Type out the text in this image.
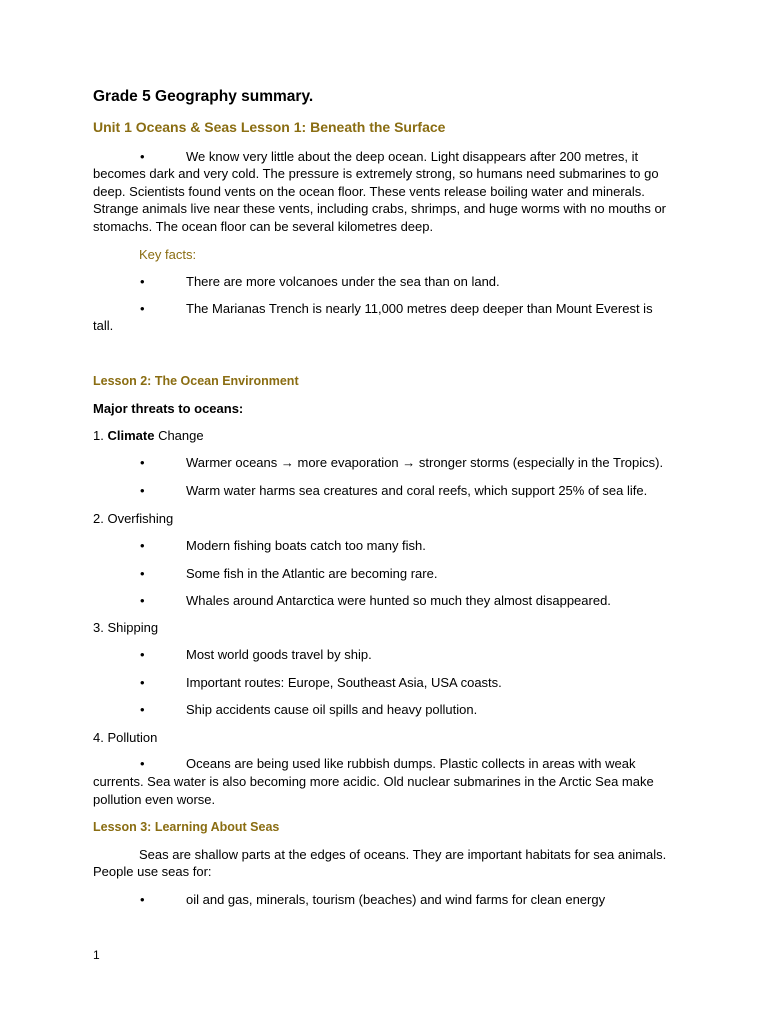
Grade 5 Geography summary.
Unit 1 Oceans & Seas Lesson 1: Beneath the Surface
•	We know very little about the deep ocean. Light disappears after 200 metres, it
becomes dark and very cold. The pressure is extremely strong, so humans need submarines to go deep. Scientists found vents on the ocean floor. These vents release boiling water and minerals. Strange animals live near these vents, including crabs, shrimps, and huge worms with no mouths or stomachs. The ocean floor can be several kilometres deep.
Key facts:
•	There are more volcanoes under the sea than on land.
•	The Marianas Trench is nearly 11,000 metres deep deeper than Mount Everest is
tall.
Lesson 2: The Ocean Environment
Major threats to oceans:
1. Climate Change
•	Warmer oceans → more evaporation → stronger storms (especially in the Tropics).
•	Warm water harms sea creatures and coral reefs, which support 25% of sea life.
2. Overfishing
•	Modern fishing boats catch too many fish.
•	Some fish in the Atlantic are becoming rare.
•	Whales around Antarctica were hunted so much they almost disappeared.
3. Shipping
•	Most world goods travel by ship.
•	Important routes: Europe, Southeast Asia, USA coasts.
•	Ship accidents cause oil spills and heavy pollution.
4. Pollution
•	Oceans are being used like rubbish dumps. Plastic collects in areas with weak
currents. Sea water is also becoming more acidic. Old nuclear submarines in the Arctic Sea make pollution even worse.
Lesson 3: Learning About Seas
Seas are shallow parts at the edges of oceans. They are important habitats for sea animals.
People use seas for:
•	oil and gas, minerals, tourism (beaches) and wind farms for clean energy
1
